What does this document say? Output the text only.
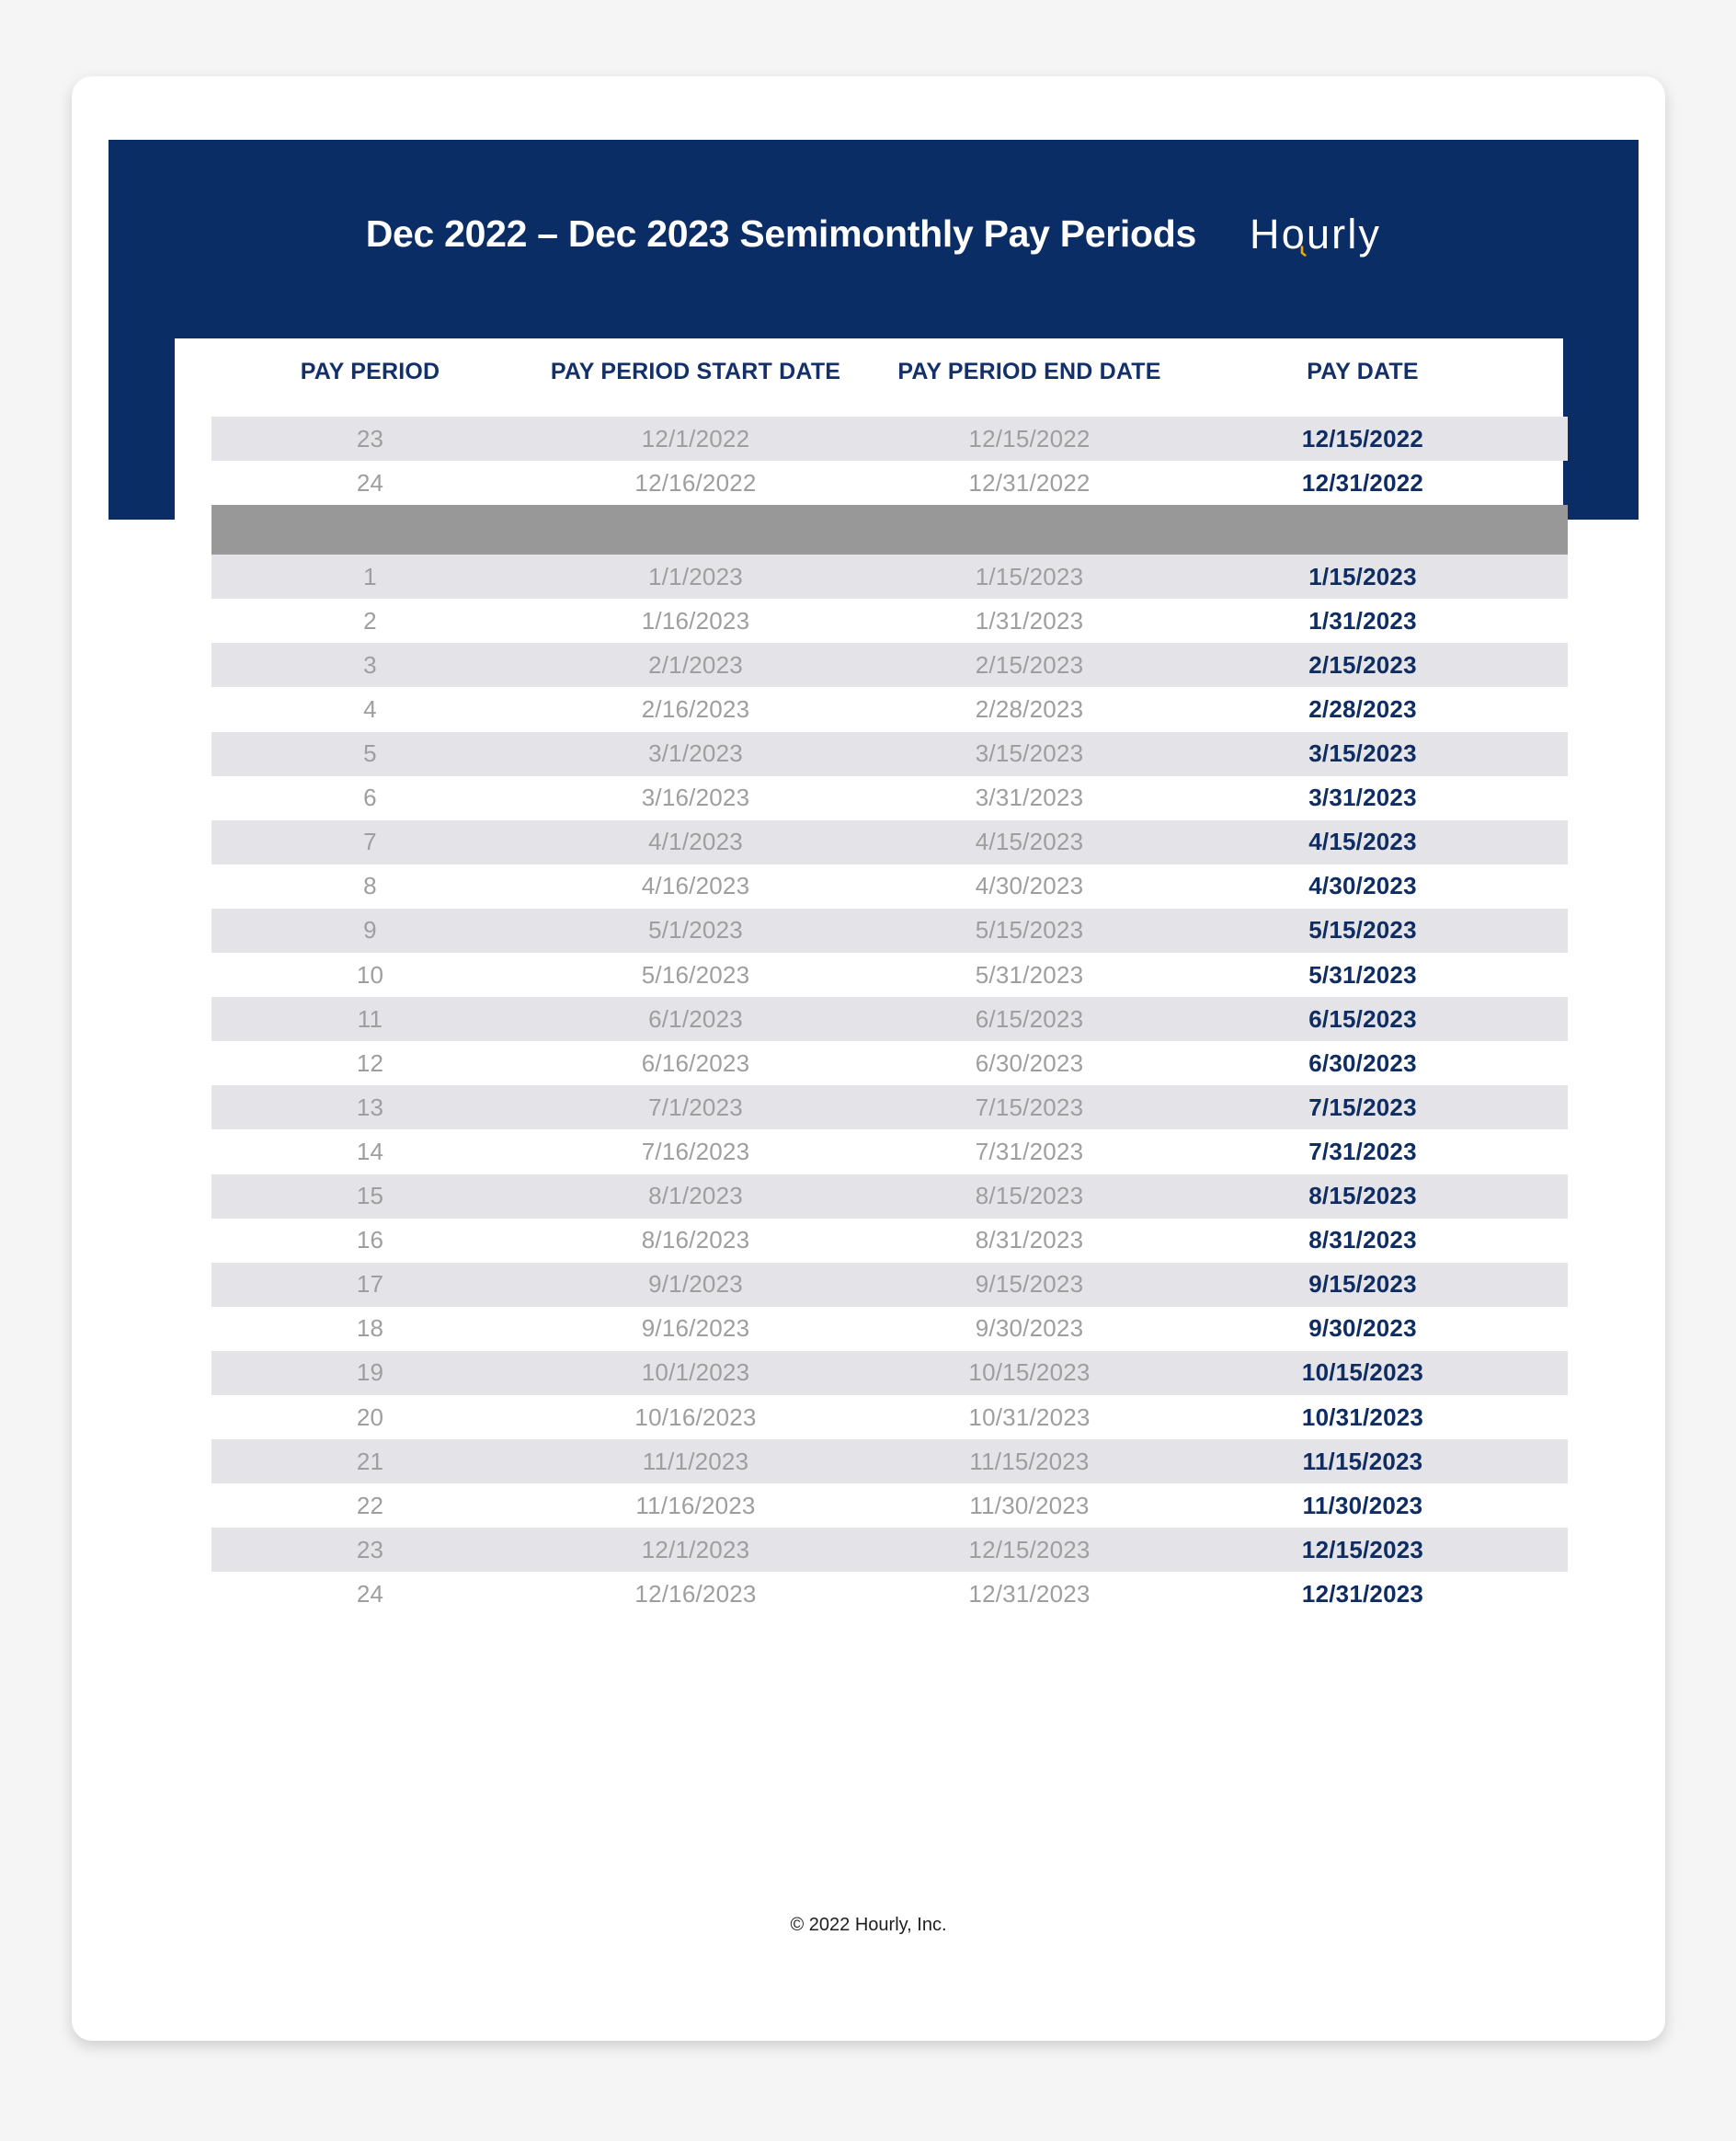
Dec 2022 – Dec 2023 Semimonthly Pay Periods Hourly
PAY PERIOD	PAY PERIOD START DATE	PAY PERIOD END DATE	PAY DATE
23	12/1/2022	12/15/2022	12/15/2022
24	12/16/2022	12/31/2022	12/31/2022
1	1/1/2023	1/15/2023	1/15/2023
2	1/16/2023	1/31/2023	1/31/2023
3	2/1/2023	2/15/2023	2/15/2023
4	2/16/2023	2/28/2023	2/28/2023
5	3/1/2023	3/15/2023	3/15/2023
6	3/16/2023	3/31/2023	3/31/2023
7	4/1/2023	4/15/2023	4/15/2023
8	4/16/2023	4/30/2023	4/30/2023
9	5/1/2023	5/15/2023	5/15/2023
10	5/16/2023	5/31/2023	5/31/2023
11	6/1/2023	6/15/2023	6/15/2023
12	6/16/2023	6/30/2023	6/30/2023
13	7/1/2023	7/15/2023	7/15/2023
14	7/16/2023	7/31/2023	7/31/2023
15	8/1/2023	8/15/2023	8/15/2023
16	8/16/2023	8/31/2023	8/31/2023
17	9/1/2023	9/15/2023	9/15/2023
18	9/16/2023	9/30/2023	9/30/2023
19	10/1/2023	10/15/2023	10/15/2023
20	10/16/2023	10/31/2023	10/31/2023
21	11/1/2023	11/15/2023	11/15/2023
22	11/16/2023	11/30/2023	11/30/2023
23	12/1/2023	12/15/2023	12/15/2023
24	12/16/2023	12/31/2023	12/31/2023
© 2022 Hourly, Inc.
